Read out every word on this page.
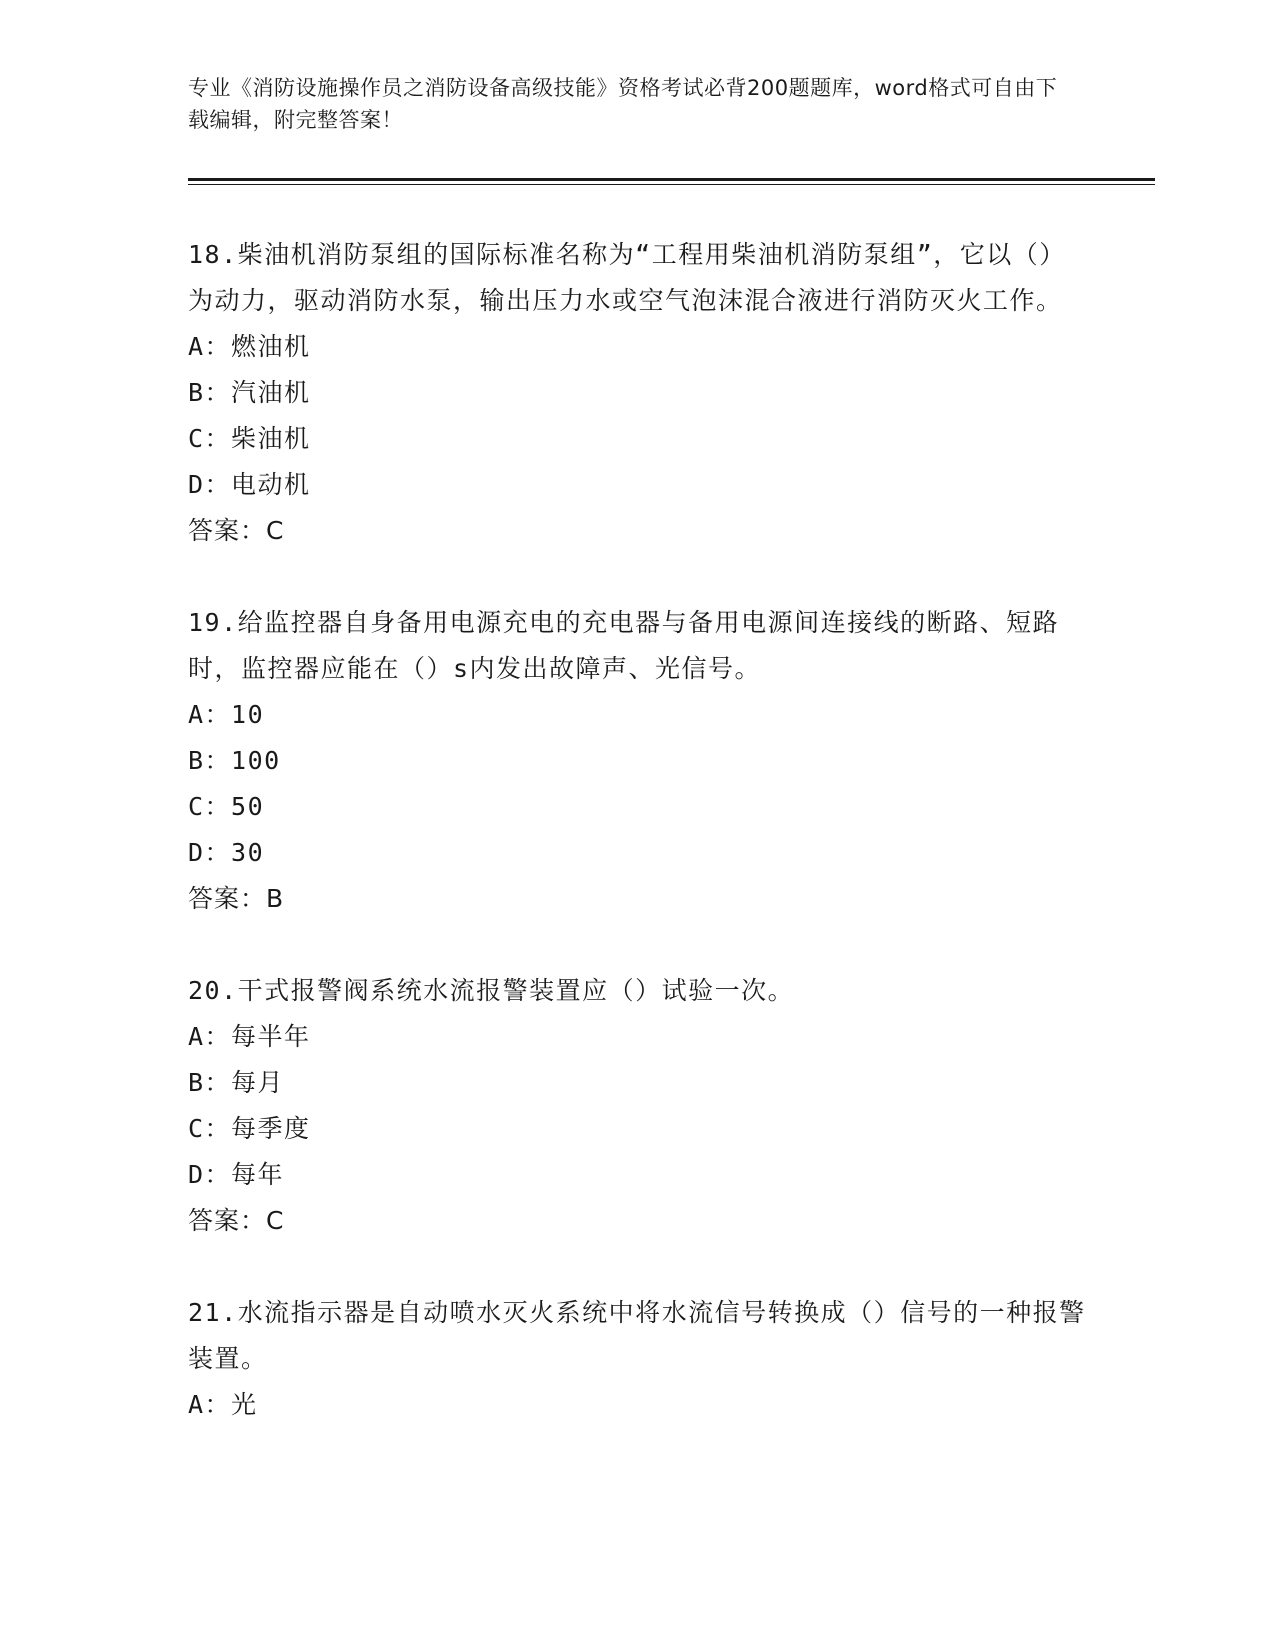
专业《消防设施操作员之消防设备高级技能》资格考试必背200题题库，word格式可自由下载编辑，附完整答案！
18.柴油机消防泵组的国际标准名称为“工程用柴油机消防泵组”，它以（）为动力，驱动消防水泵，输出压力水或空气泡沫混合液进行消防灭火工作。
A：燃油机
B：汽油机
C：柴油机
D：电动机
答案：C
19.给监控器自身备用电源充电的充电器与备用电源间连接线的断路、短路时，监控器应能在（）s内发出故障声、光信号。
A：10
B：100
C：50
D：30
答案：B
20.干式报警阀系统水流报警装置应（）试验一次。
A：每半年
B：每月
C：每季度
D：每年
答案：C
21.水流指示器是自动喷水灭火系统中将水流信号转换成（）信号的一种报警装置。
A：光
